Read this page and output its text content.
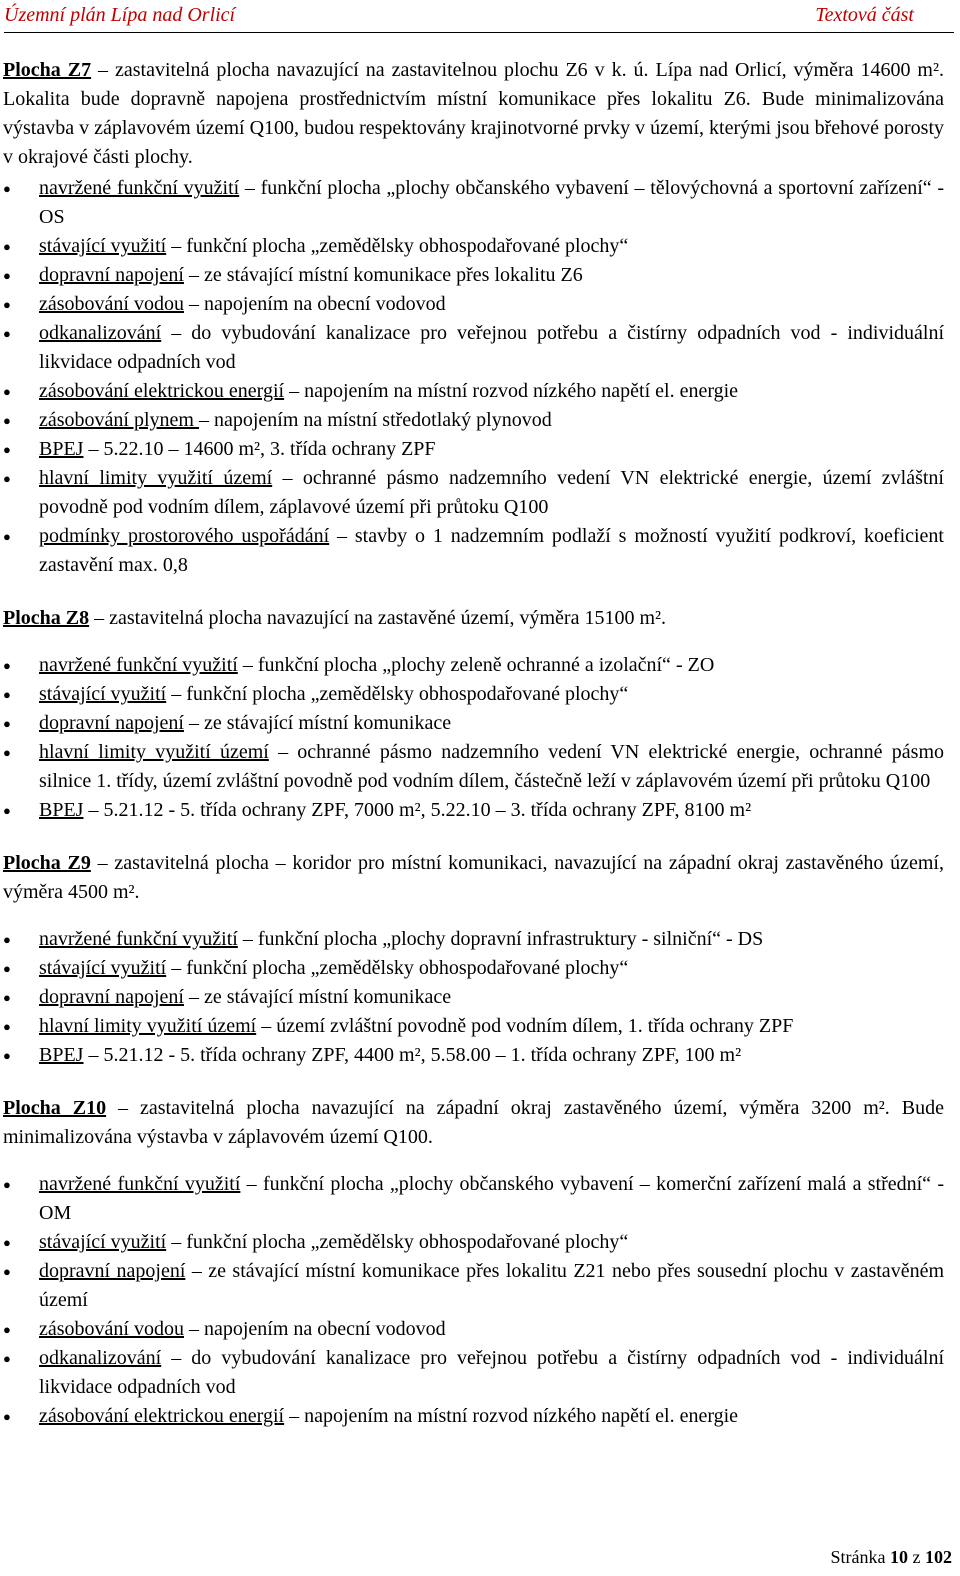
Územní plán Lípa nad Orlicí	Textová část

Plocha Z7 – zastavitelná plocha navazující na zastavitelnou plochu Z6 v k. ú. Lípa nad Orlicí, výměra 14600 m². Lokalita bude dopravně napojena prostřednictvím místní komunikace přes lokalitu Z6. Bude minimalizována výstavba v záplavovém území Q100, budou respektovány krajinotvorné prvky v území, kterými jsou břehové porosty v okrajové části plochy.

● navržené funkční využití – funkční plocha „plochy občanského vybavení – tělovýchovná a sportovní zařízení“ - OS
● stávající využití – funkční plocha „zemědělsky obhospodařované plochy“
● dopravní napojení – ze stávající místní komunikace přes lokalitu Z6
● zásobování vodou – napojením na obecní vodovod
● odkanalizování – do vybudování kanalizace pro veřejnou potřebu a čistírny odpadních vod - individuální likvidace odpadních vod
● zásobování elektrickou energií – napojením na místní rozvod nízkého napětí el. energie
● zásobování plynem – napojením na místní středotlaký plynovod
● BPEJ – 5.22.10 – 14600 m², 3. třída ochrany ZPF
● hlavní limity využití území – ochranné pásmo nadzemního vedení VN elektrické energie, území zvláštní povodně pod vodním dílem, záplavové území při průtoku Q100
● podmínky prostorového uspořádání – stavby o 1 nadzemním podlaží s možností využití podkroví, koeficient zastavění max. 0,8

Plocha Z8 – zastavitelná plocha navazující na zastavěné území, výměra 15100 m².

● navržené funkční využití – funkční plocha „plochy zeleně ochranné a izolační“ - ZO
● stávající využití – funkční plocha „zemědělsky obhospodařované plochy“
● dopravní napojení – ze stávající místní komunikace
● hlavní limity využití území – ochranné pásmo nadzemního vedení VN elektrické energie, ochranné pásmo silnice 1. třídy, území zvláštní povodně pod vodním dílem, částečně leží v záplavovém území při průtoku Q100
● BPEJ – 5.21.12 - 5. třída ochrany ZPF, 7000 m², 5.22.10 – 3. třída ochrany ZPF, 8100 m²

Plocha Z9 – zastavitelná plocha – koridor pro místní komunikaci, navazující na západní okraj zastavěného území, výměra 4500 m².

● navržené funkční využití – funkční plocha „plochy dopravní infrastruktury - silniční“ - DS
● stávající využití – funkční plocha „zemědělsky obhospodařované plochy“
● dopravní napojení – ze stávající místní komunikace
● hlavní limity využití území – území zvláštní povodně pod vodním dílem, 1. třída ochrany ZPF
● BPEJ – 5.21.12 - 5. třída ochrany ZPF, 4400 m², 5.58.00 – 1. třída ochrany ZPF, 100 m²

Plocha Z10 – zastavitelná plocha navazující na západní okraj zastavěného území, výměra 3200 m². Bude minimalizována výstavba v záplavovém území Q100.

● navržené funkční využití – funkční plocha „plochy občanského vybavení – komerční zařízení malá a střední“ - OM
● stávající využití – funkční plocha „zemědělsky obhospodařované plochy“
● dopravní napojení – ze stávající místní komunikace přes lokalitu Z21 nebo přes sousední plochu v zastavěném území
● zásobování vodou – napojením na obecní vodovod
● odkanalizování – do vybudování kanalizace pro veřejnou potřebu a čistírny odpadních vod - individuální likvidace odpadních vod
● zásobování elektrickou energií – napojením na místní rozvod nízkého napětí el. energie
Stránka 10 z 102
